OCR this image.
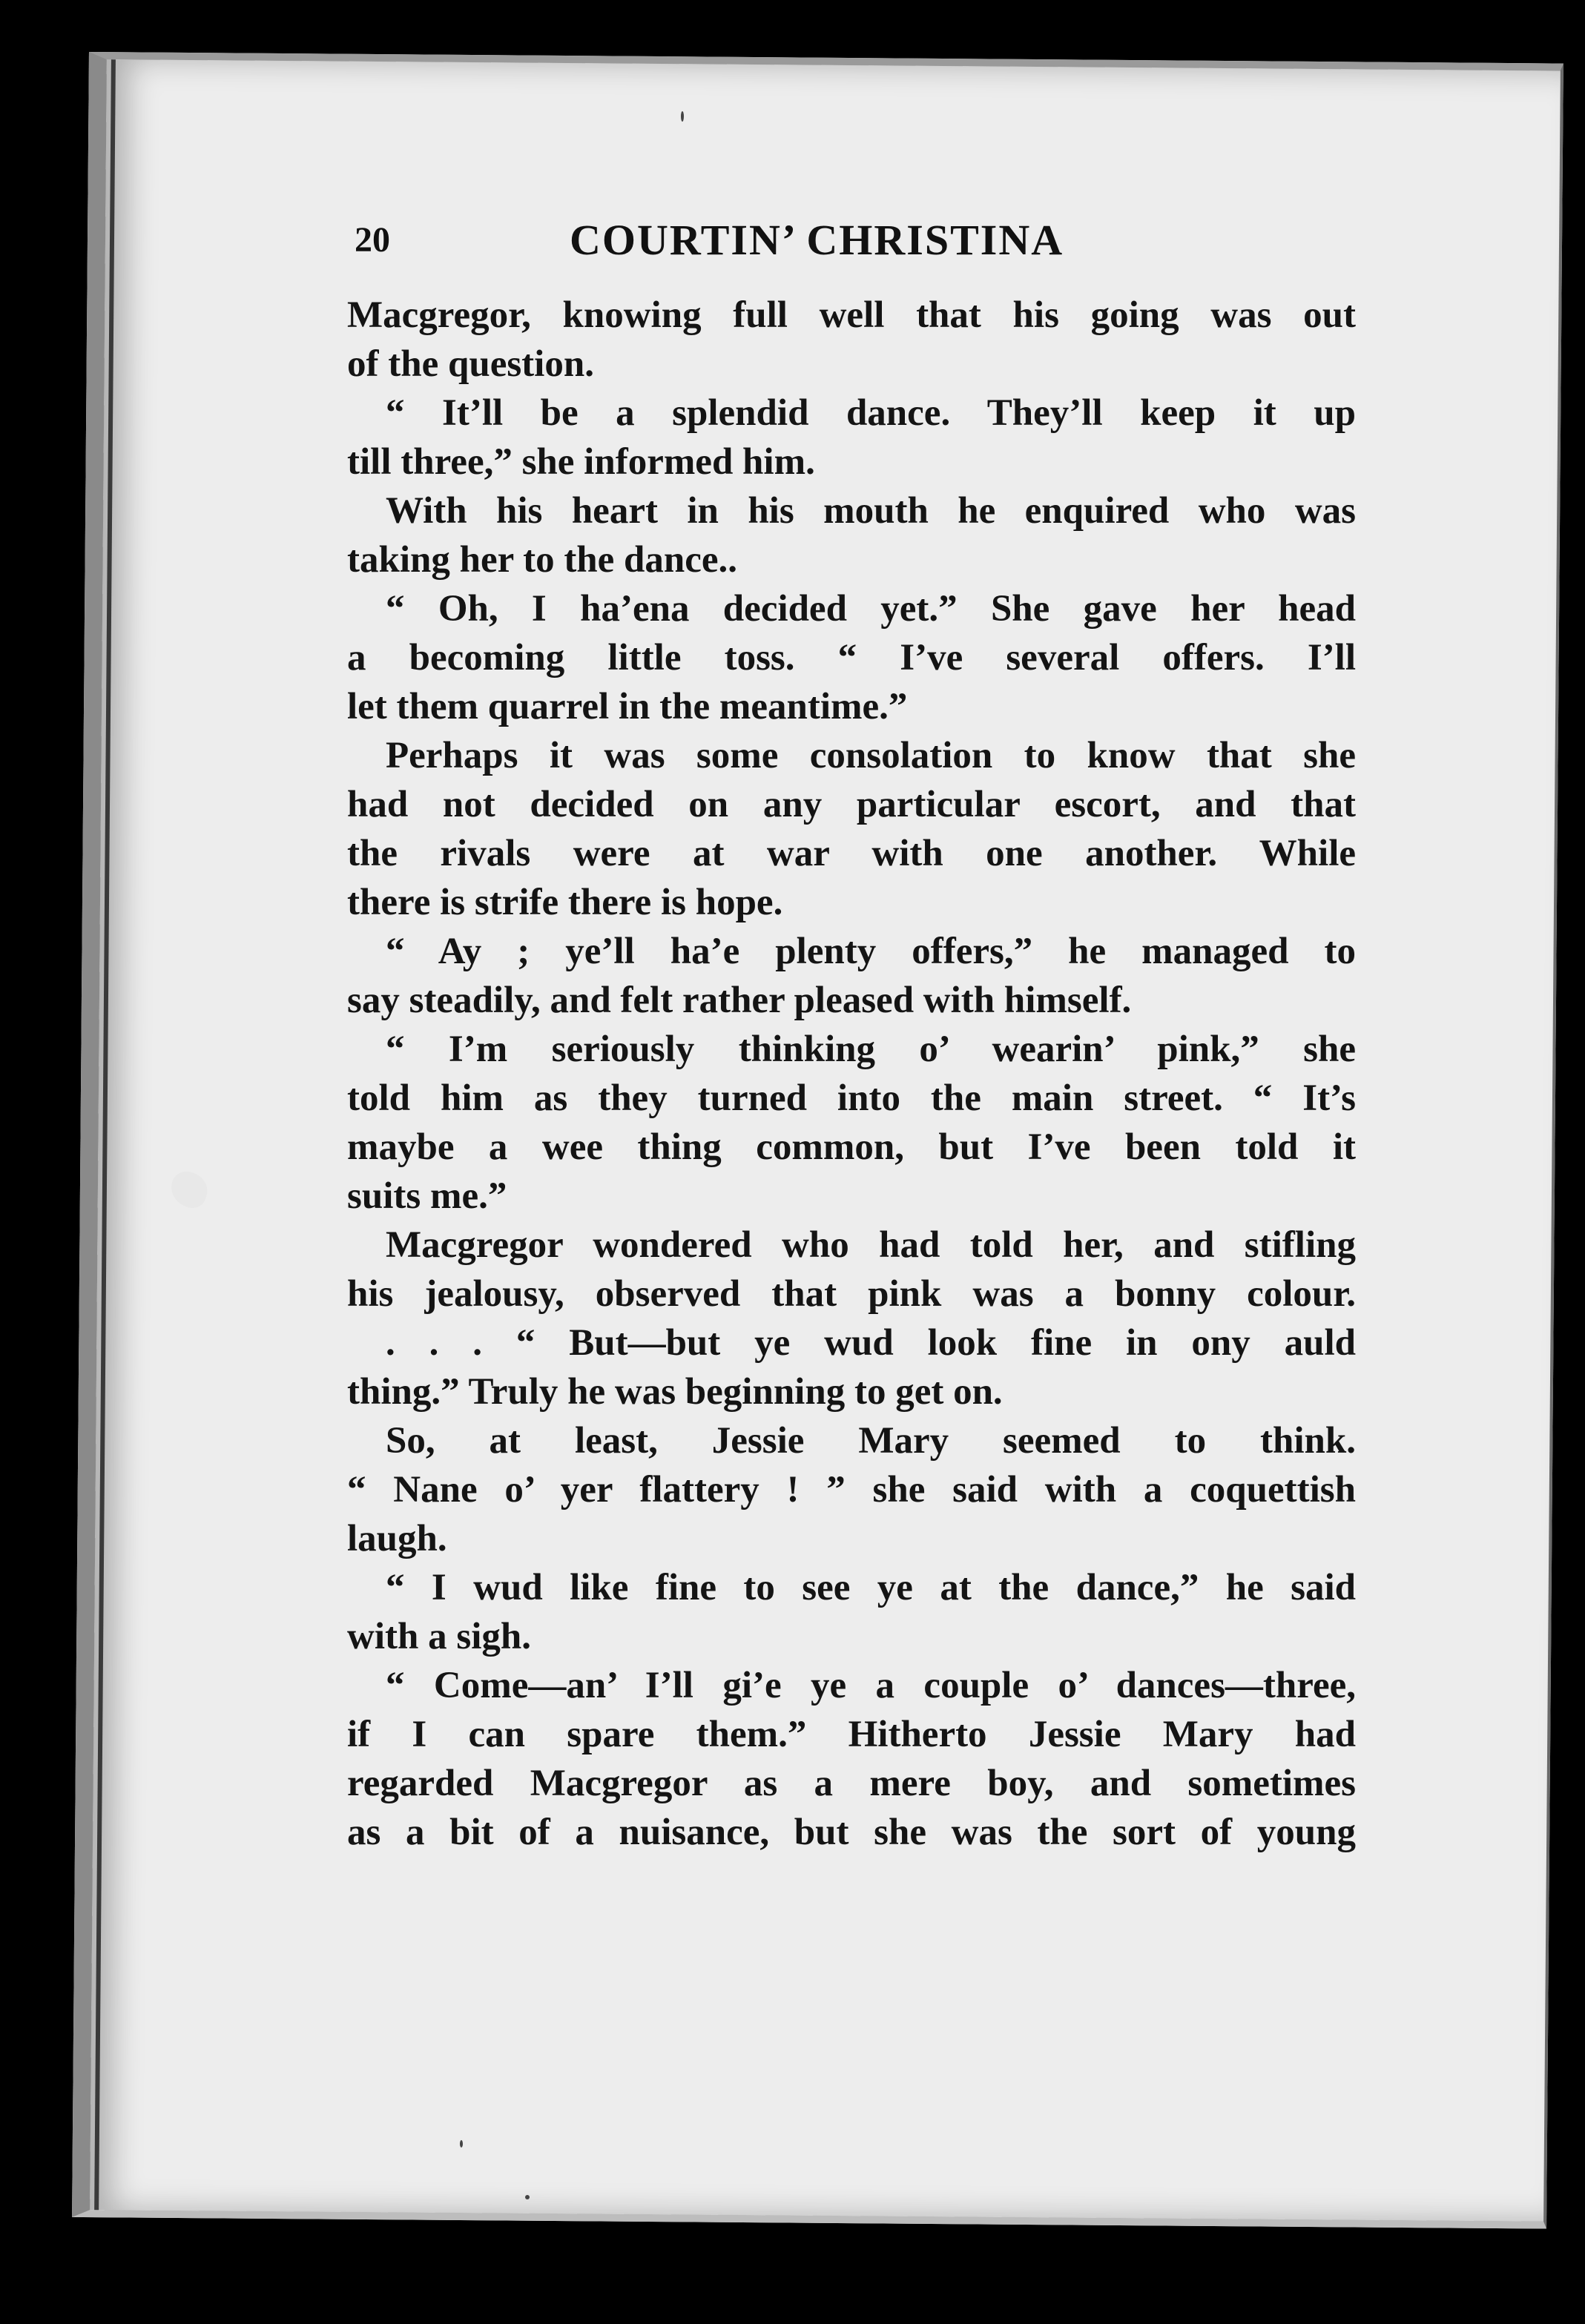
20	COURTIN’ CHRISTINA
Macgregor, knowing full well that his going was out
of the question.
“ It’ll be a splendid dance. They’ll keep it up
till three,” she informed him.
With his heart in his mouth he enquired who was
taking her to the dance..
“ Oh, I ha’ena decided yet.” She gave her head
a becoming little toss. “ I’ve several offers. I’ll
let them quarrel in the meantime.”
Perhaps it was some consolation to know that she
had not decided on any particular escort, and that
the rivals were at war with one another. While
there is strife there is hope.
“ Ay ; ye’ll ha’e plenty offers,” he managed to
say steadily, and felt rather pleased with himself.
“ I’m seriously thinking o’ wearin’ pink,” she
told him as they turned into the main street. “ It’s
maybe a wee thing common, but I’ve been told it
suits me.”
Macgregor wondered who had told her, and stifling
his jealousy, observed that pink was a bonny colour.
. . . “ But—but ye wud look fine in ony auld
thing.” Truly he was beginning to get on.
So, at least, Jessie Mary seemed to think.
“ Nane o’ yer flattery ! ” she said with a coquettish
laugh.
“ I wud like fine to see ye at the dance,” he said
with a sigh.
“ Come—an’ I’ll gi’e ye a couple o’ dances—three,
if I can spare them.” Hitherto Jessie Mary had
regarded Macgregor as a mere boy, and sometimes
as a bit of a nuisance, but she was the sort of young
